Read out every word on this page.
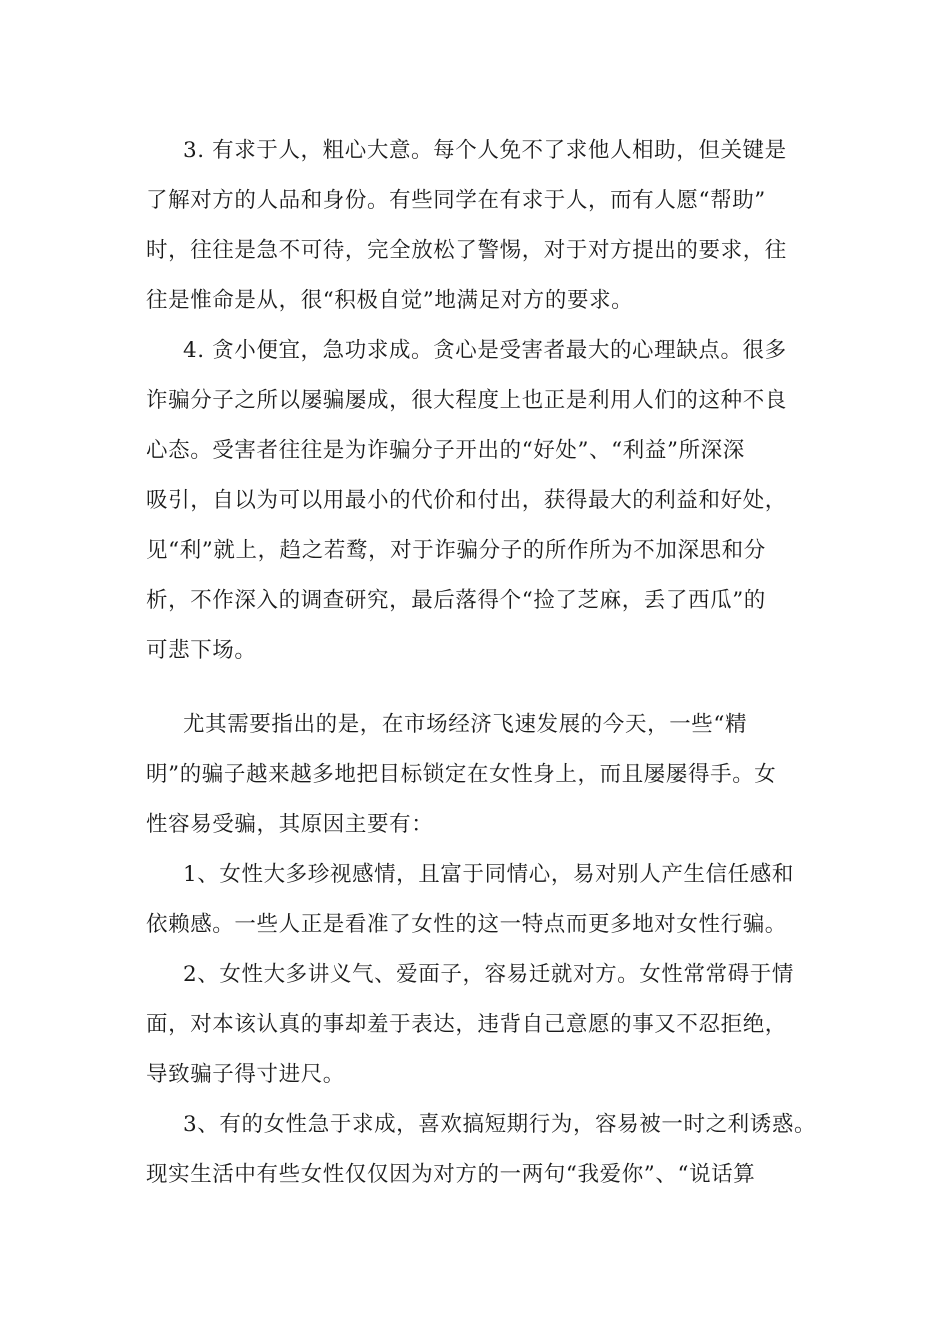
3. 有求于人，粗心大意。每个人免不了求他人相助，但关键是
了解对方的人品和身份。有些同学在有求于人，而有人愿“帮助”
时，往往是急不可待，完全放松了警惕，对于对方提出的要求，往
往是惟命是从，很“积极自觉”地满足对方的要求。
4. 贪小便宜，急功求成。贪心是受害者最大的心理缺点。很多
诈骗分子之所以屡骗屡成，很大程度上也正是利用人们的这种不良
心态。受害者往往是为诈骗分子开出的“好处”、“利益”所深深
吸引，自以为可以用最小的代价和付出，获得最大的利益和好处，
见“利”就上，趋之若鹜，对于诈骗分子的所作所为不加深思和分
析，不作深入的调查研究，最后落得个“捡了芝麻，丢了西瓜”的
可悲下场。
尤其需要指出的是，在市场经济飞速发展的今天，一些“精
明”的骗子越来越多地把目标锁定在女性身上，而且屡屡得手。女
性容易受骗，其原因主要有：
1、女性大多珍视感情，且富于同情心，易对别人产生信任感和
依赖感。一些人正是看准了女性的这一特点而更多地对女性行骗。
2、女性大多讲义气、爱面子，容易迁就对方。女性常常碍于情
面，对本该认真的事却羞于表达，违背自己意愿的事又不忍拒绝，
导致骗子得寸进尺。
3、有的女性急于求成，喜欢搞短期行为，容易被一时之利诱惑。
现实生活中有些女性仅仅因为对方的一两句“我爱你”、“说话算
